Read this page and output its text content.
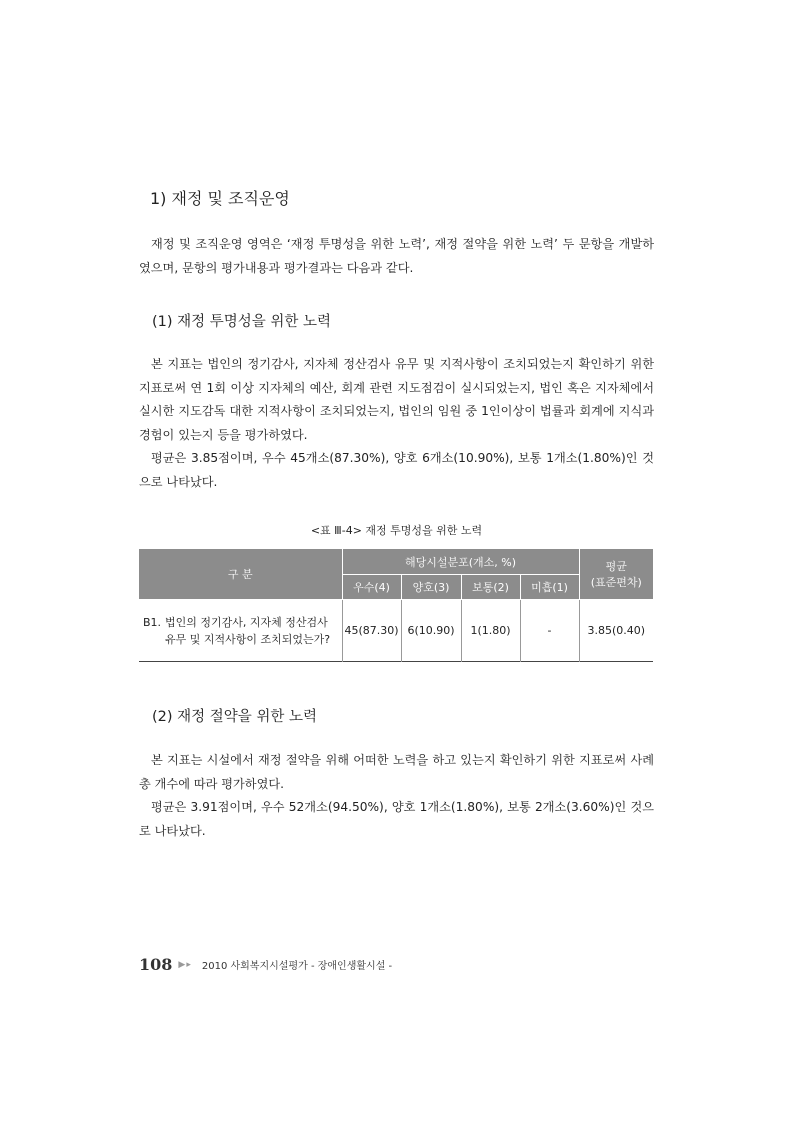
1) 재정 및 조직운영

재정 및 조직운영 영역은 ‘재정 투명성을 위한 노력’, 재정 절약을 위한 노력’ 두 문항을 개발하였으며, 문항의 평가내용과 평가결과는 다음과 같다.

(1) 재정 투명성을 위한 노력

본 지표는 법인의 정기감사, 지자체 정산검사 유무 및 지적사항이 조치되었는지 확인하기 위한 지표로써 연 1회 이상 지자체의 예산, 회계 관련 지도점검이 실시되었는지, 법인 혹은 지자체에서 실시한 지도감독 대한 지적사항이 조치되었는지, 법인의 임원 중 1인이상이 법률과 회계에 지식과 경험이 있는지 등을 평가하였다.

평균은 3.85점이며, 우수 45개소(87.30%), 양호 6개소(10.90%), 보통 1개소(1.80%)인 것으로 나타났다.

<표 Ⅲ-4> 재정 투명성을 위한 노력
구 분	해당시설분포(개소, %)				평균
(표준편차)

	우수(4)	양호(3)	보통(2)	미흡(1)	
B1. 법인의 정기감사, 지자체 정산검사 유무 및 지적사항이 조치되었는가?	45(87.30)	6(10.90)	1(1.80)	-	3.85(0.40)
(2) 재정 절약을 위한 노력

본 지표는 시설에서 재정 절약을 위해 어떠한 노력을 하고 있는지 확인하기 위한 지표로써 사례 총 개수에 따라 평가하였다.

평균은 3.91점이며, 우수 52개소(94.50%), 양호 1개소(1.80%), 보통 2개소(3.60%)인 것으로 나타났다.

108 ▶▸ 2010 사회복지시설평가 - 장애인생활시설 -
